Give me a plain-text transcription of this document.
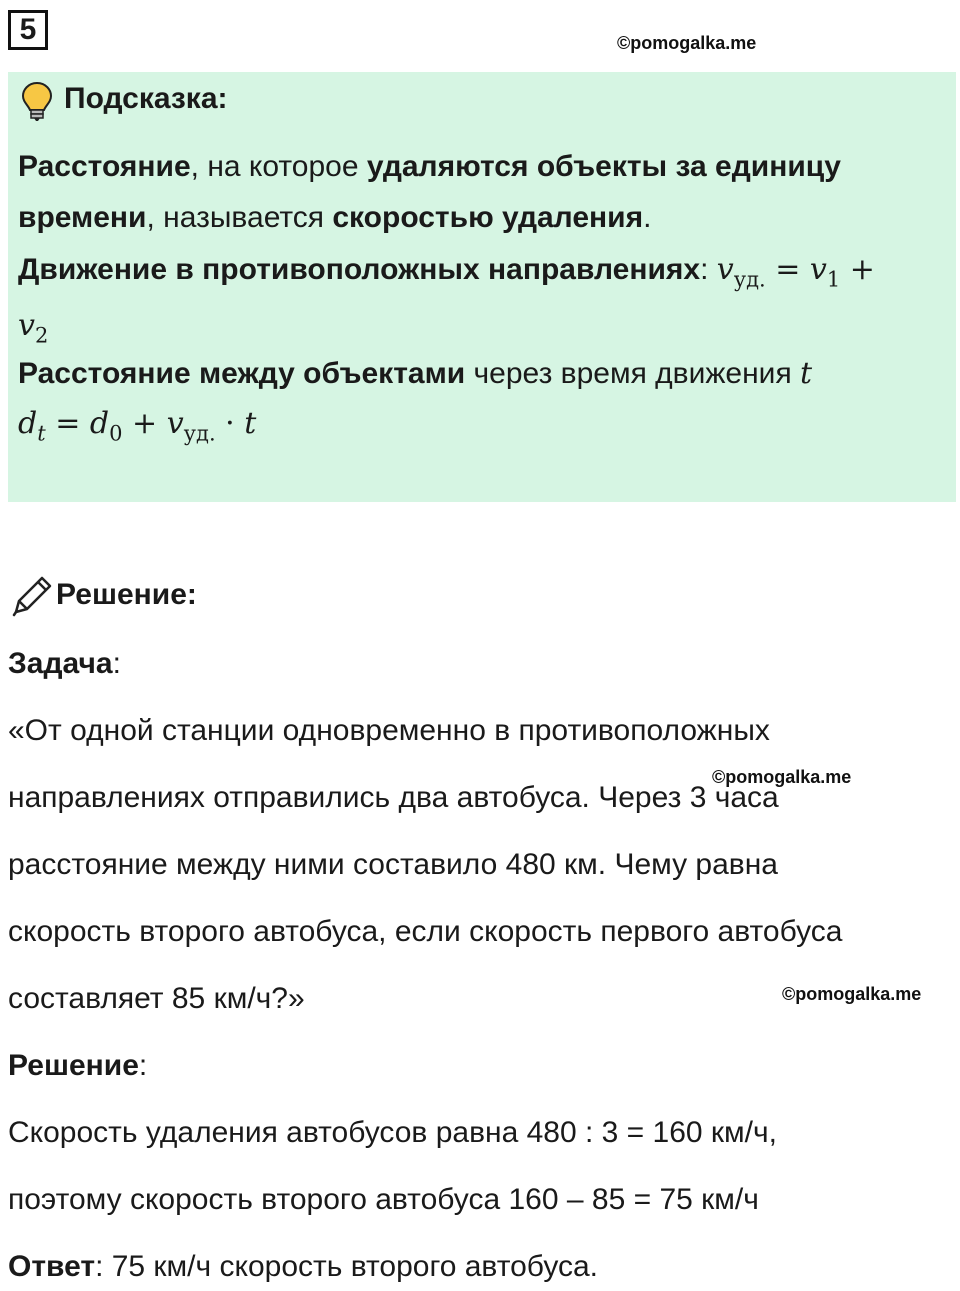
5	©pomogalka.me
Подсказка:
Расстояние, на которое удаляются объекты за единицу
времени, называется скоростью удаления.
Движение в противоположных направлениях: $v_{уд.} = v_1$ +
$v_2$
Расстояние между объектами через время движения t
$d_t = d_0 + v_{уд.} \cdot t$
Решение:
Задача:
«От одной станции одновременно в противоположных
©pomogalka.me
направлениях отправились два автобуса. Через 3 часа
расстояние между ними составило 480 км. Чему равна
скорость второго автобуса, если скорость первого автобуса
составляет 85 км/ч?»	©pomogalka.me
Решение:
Скорость удаления автобусов равна 480 : 3 = 160 км/ч,
поэтому скорость второго автобуса 160 – 85 = 75 км/ч
Ответ: 75 км/ч скорость второго автобуса.
